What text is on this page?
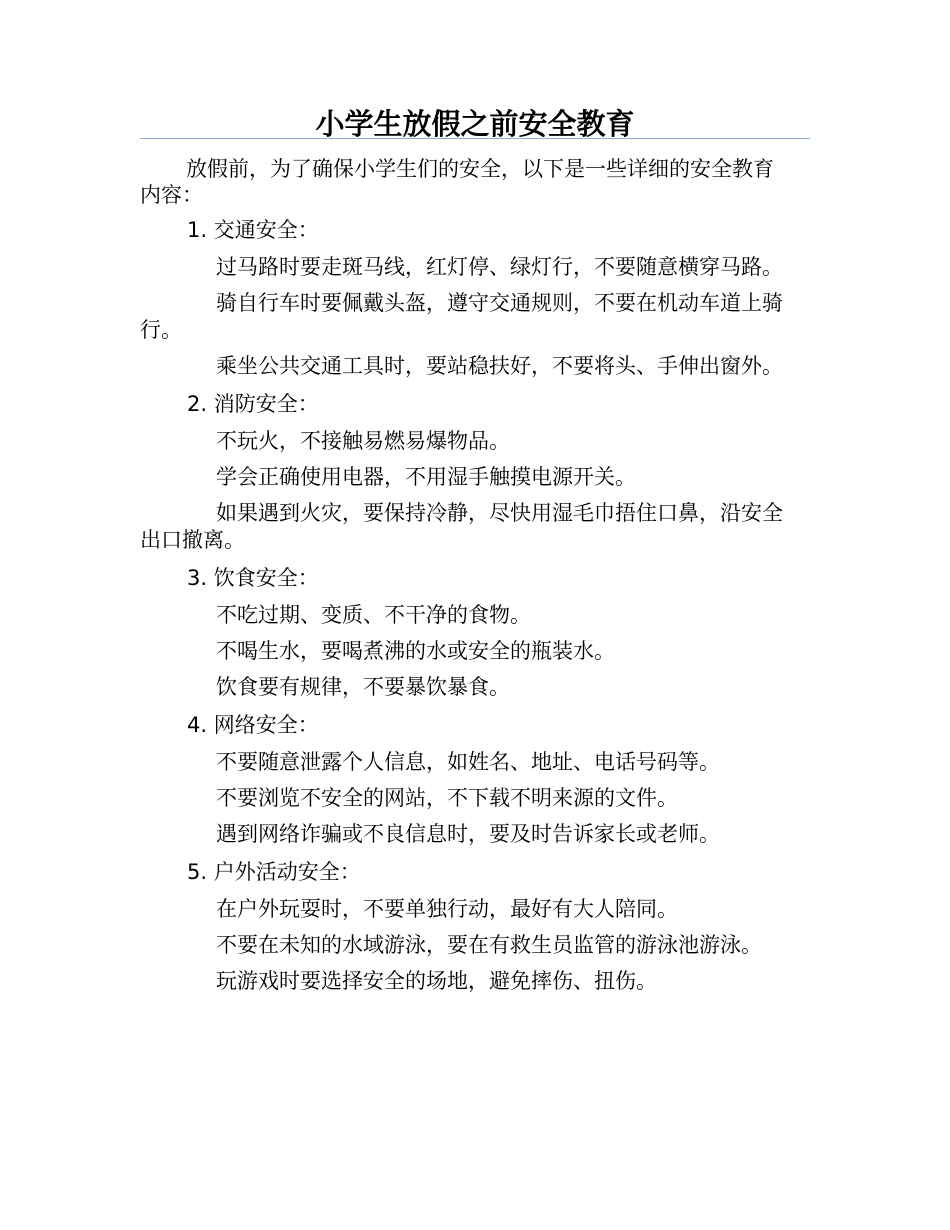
小学生放假之前安全教育

放假前，为了确保小学生们的安全，以下是一些详细的安全教育内容：

1. 交通安全：

过马路时要走斑马线，红灯停、绿灯行，不要随意横穿马路。

骑自行车时要佩戴头盔，遵守交通规则，不要在机动车道上骑行。

乘坐公共交通工具时，要站稳扶好，不要将头、手伸出窗外。

2. 消防安全：

不玩火，不接触易燃易爆物品。

学会正确使用电器，不用湿手触摸电源开关。

如果遇到火灾，要保持冷静，尽快用湿毛巾捂住口鼻，沿安全出口撤离。

3. 饮食安全：

不吃过期、变质、不干净的食物。

不喝生水，要喝煮沸的水或安全的瓶装水。

饮食要有规律，不要暴饮暴食。

4. 网络安全：

不要随意泄露个人信息，如姓名、地址、电话号码等。

不要浏览不安全的网站，不下载不明来源的文件。

遇到网络诈骗或不良信息时，要及时告诉家长或老师。

5. 户外活动安全：

在户外玩耍时，不要单独行动，最好有大人陪同。

不要在未知的水域游泳，要在有救生员监管的游泳池游泳。

玩游戏时要选择安全的场地，避免摔伤、扭伤。
